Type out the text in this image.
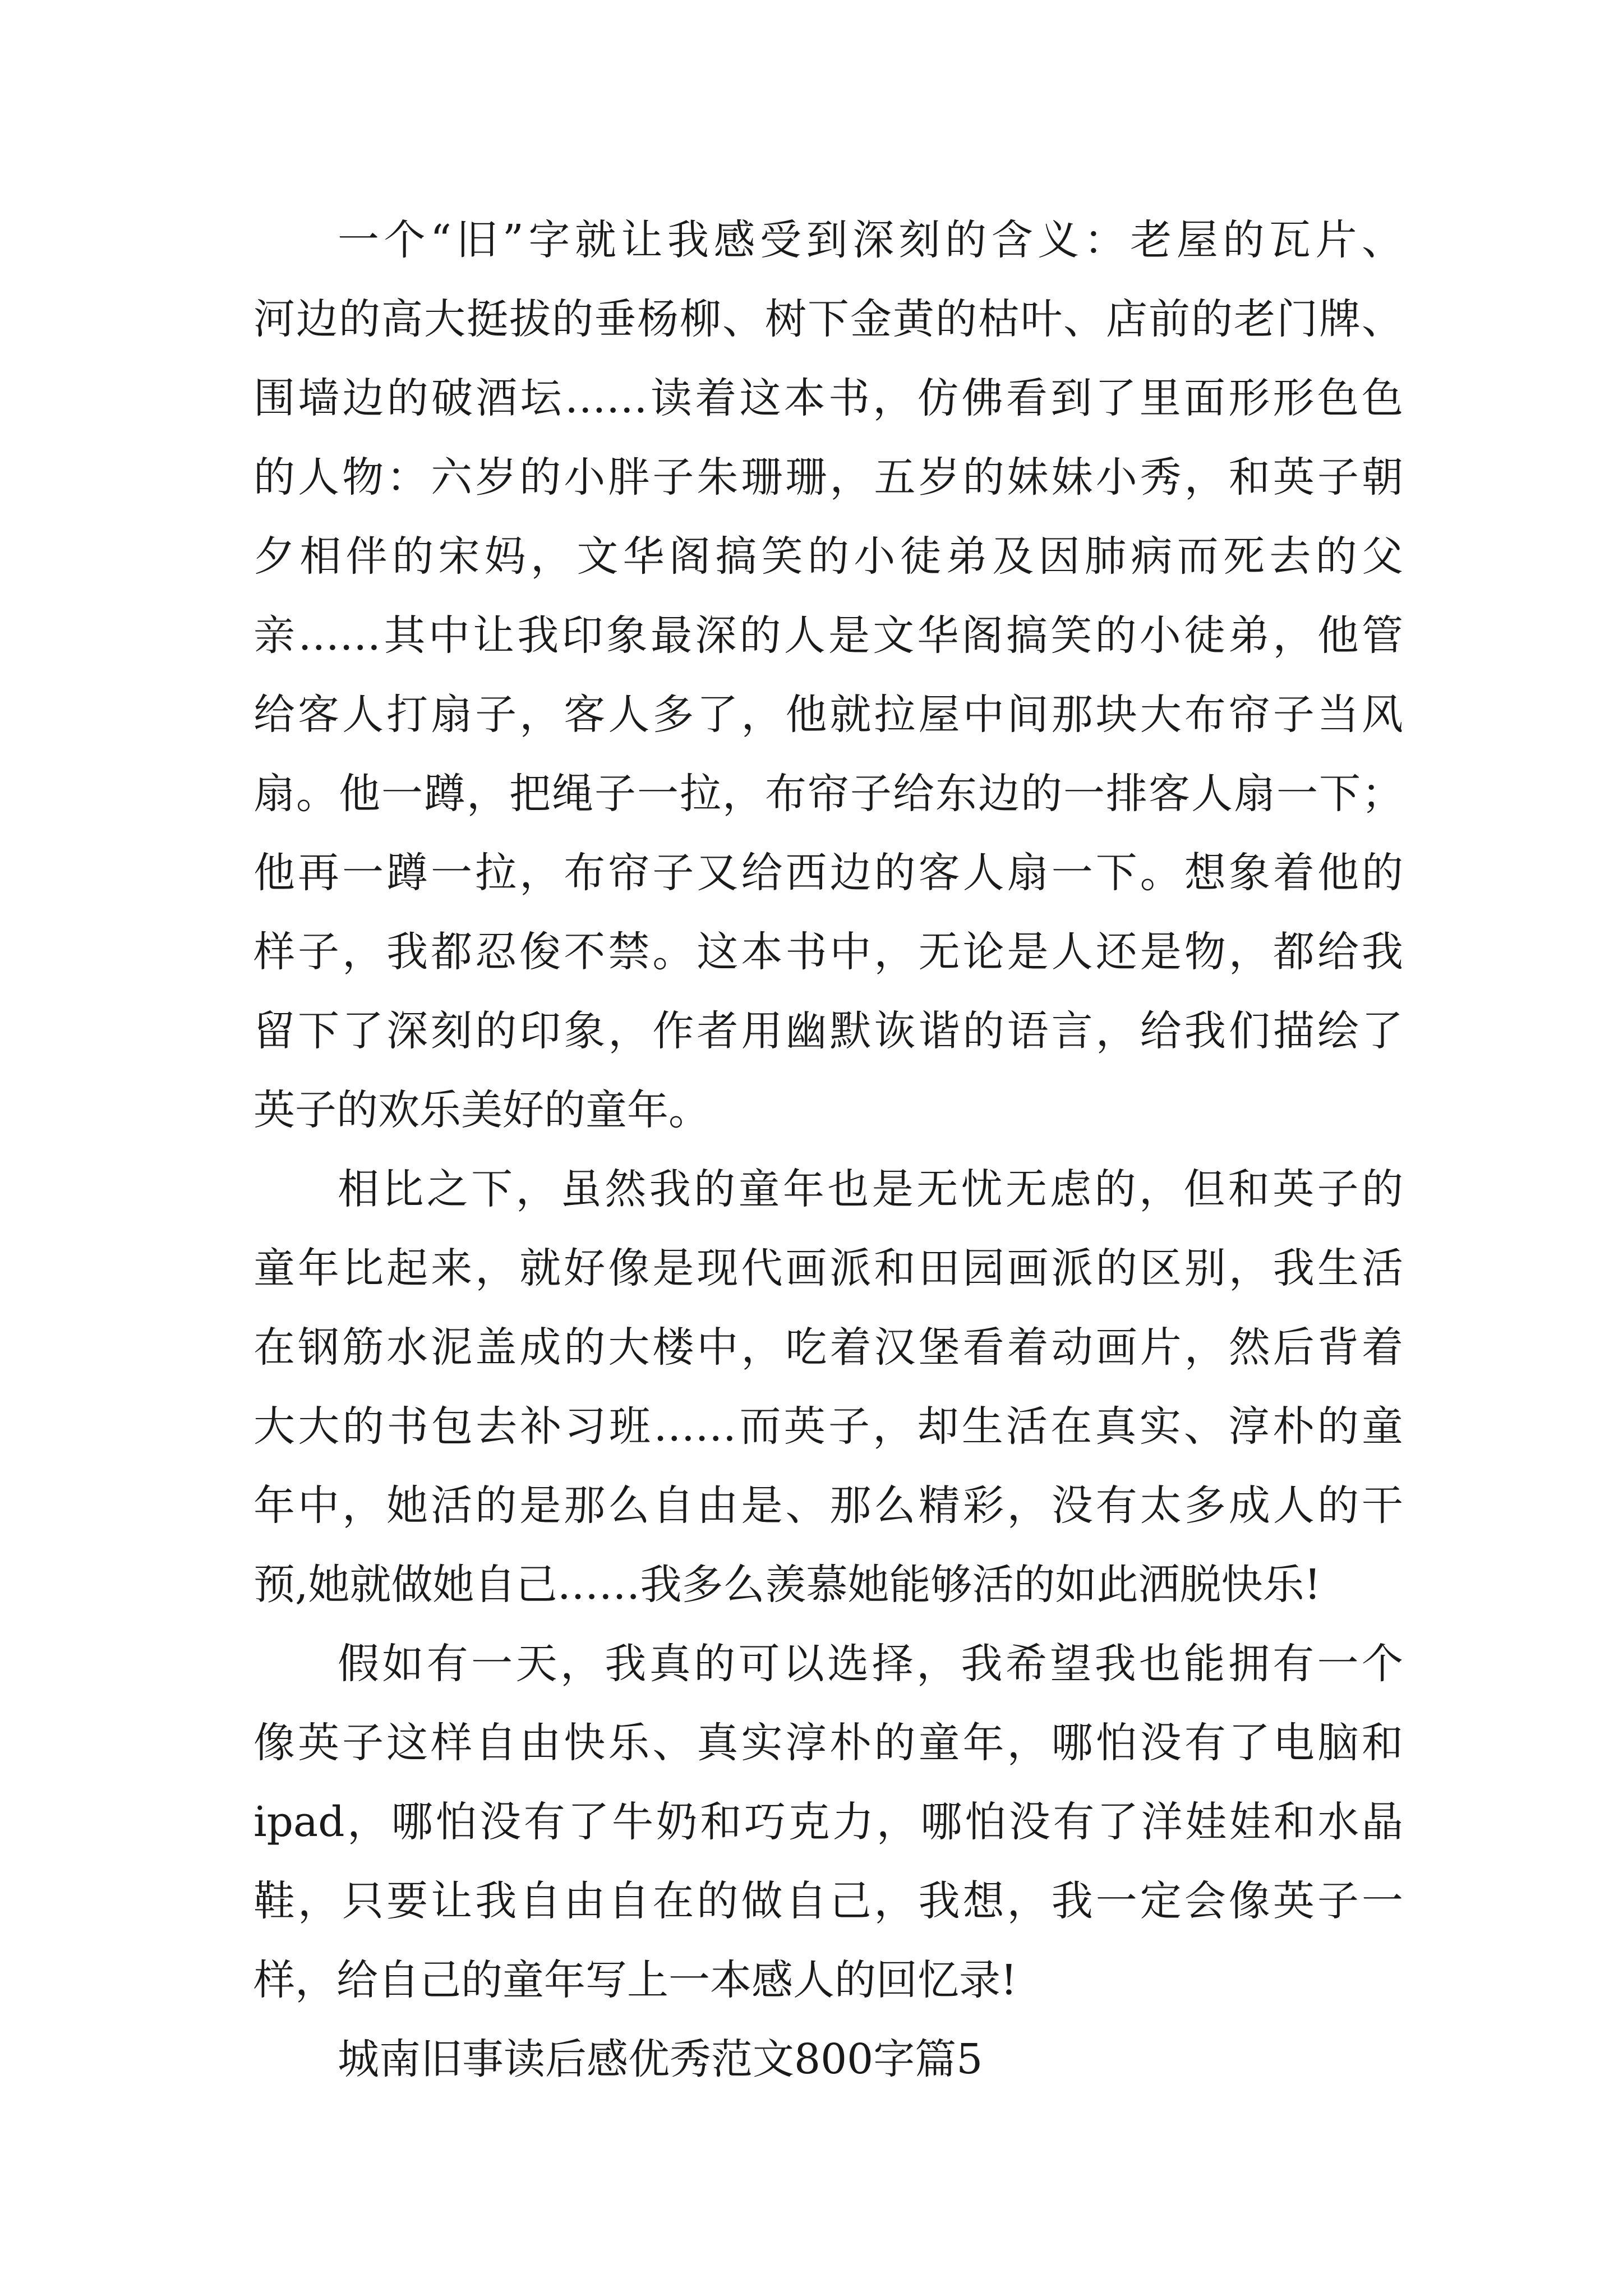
一个“旧”字就让我感受到深刻的含义：老屋的瓦片、
河边的高大挺拔的垂杨柳、树下金黄的枯叶、店前的老门牌、
围墙边的破酒坛……读着这本书，仿佛看到了里面形形色色
的人物：六岁的小胖子朱珊珊，五岁的妹妹小秀，和英子朝
夕相伴的宋妈，文华阁搞笑的小徒弟及因肺病而死去的父
亲……其中让我印象最深的人是文华阁搞笑的小徒弟，他管
给客人打扇子，客人多了，他就拉屋中间那块大布帘子当风
扇。他一蹲，把绳子一拉，布帘子给东边的一排客人扇一下；
他再一蹲一拉，布帘子又给西边的客人扇一下。想象着他的
样子，我都忍俊不禁。这本书中，无论是人还是物，都给我
留下了深刻的印象，作者用幽默诙谐的语言，给我们描绘了
英子的欢乐美好的童年。
相比之下，虽然我的童年也是无忧无虑的，但和英子的
童年比起来，就好像是现代画派和田园画派的区别，我生活
在钢筋水泥盖成的大楼中，吃着汉堡看着动画片，然后背着
大大的书包去补习班……而英子，却生活在真实、淳朴的童
年中，她活的是那么自由是、那么精彩，没有太多成人的干
预,她就做她自己……我多么羡慕她能够活的如此洒脱快乐!
假如有一天，我真的可以选择，我希望我也能拥有一个
像英子这样自由快乐、真实淳朴的童年，哪怕没有了电脑和
ipad，哪怕没有了牛奶和巧克力，哪怕没有了洋娃娃和水晶
鞋，只要让我自由自在的做自己，我想，我一定会像英子一
样，给自己的童年写上一本感人的回忆录!
城南旧事读后感优秀范文800字篇5
